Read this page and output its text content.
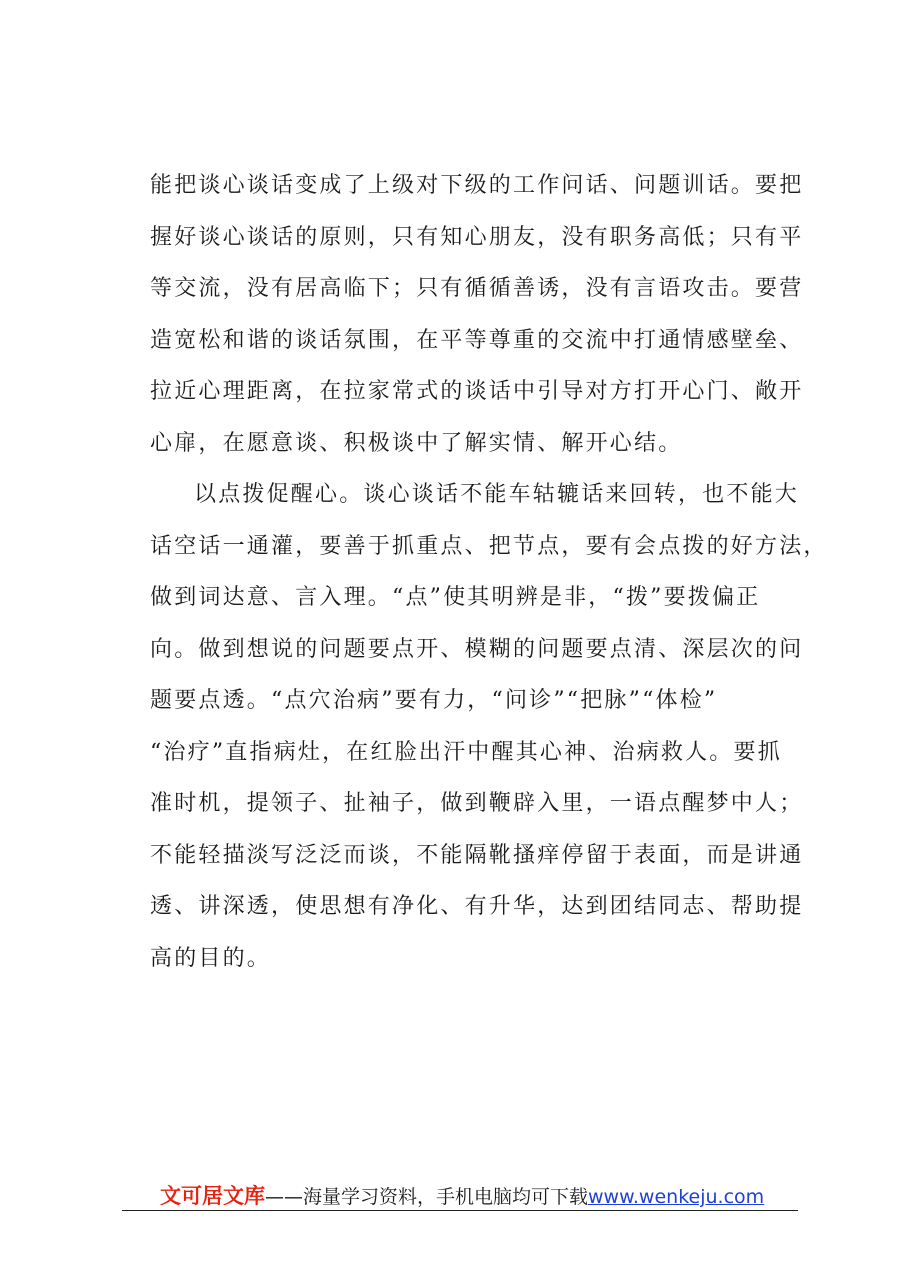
能把谈心谈话变成了上级对下级的工作问话、问题训话。要把
握好谈心谈话的原则，只有知心朋友，没有职务高低；只有平
等交流，没有居高临下；只有循循善诱，没有言语攻击。要营
造宽松和谐的谈话氛围，在平等尊重的交流中打通情感壁垒、
拉近心理距离，在拉家常式的谈话中引导对方打开心门、敞开
心扉，在愿意谈、积极谈中了解实情、解开心结。

以点拨促醒心。谈心谈话不能车轱辘话来回转，也不能大
话空话一通灌，要善于抓重点、把节点，要有会点拨的好方法，
做到词达意、言入理。“点”使其明辨是非，“拨”要拨偏正
向。做到想说的问题要点开、模糊的问题要点清、深层次的问
题要点透。“点穴治病”要有力，“问诊”“把脉”“体检”
“治疗”直指病灶，在红脸出汗中醒其心神、治病救人。要抓
准时机，提领子、扯袖子，做到鞭辟入里，一语点醒梦中人；
不能轻描淡写泛泛而谈，不能隔靴搔痒停留于表面，而是讲通
透、讲深透，使思想有净化、有升华，达到团结同志、帮助提
高的目的。

文可居文库——海量学习资料，手机电脑均可下载www.wenkeju.com
